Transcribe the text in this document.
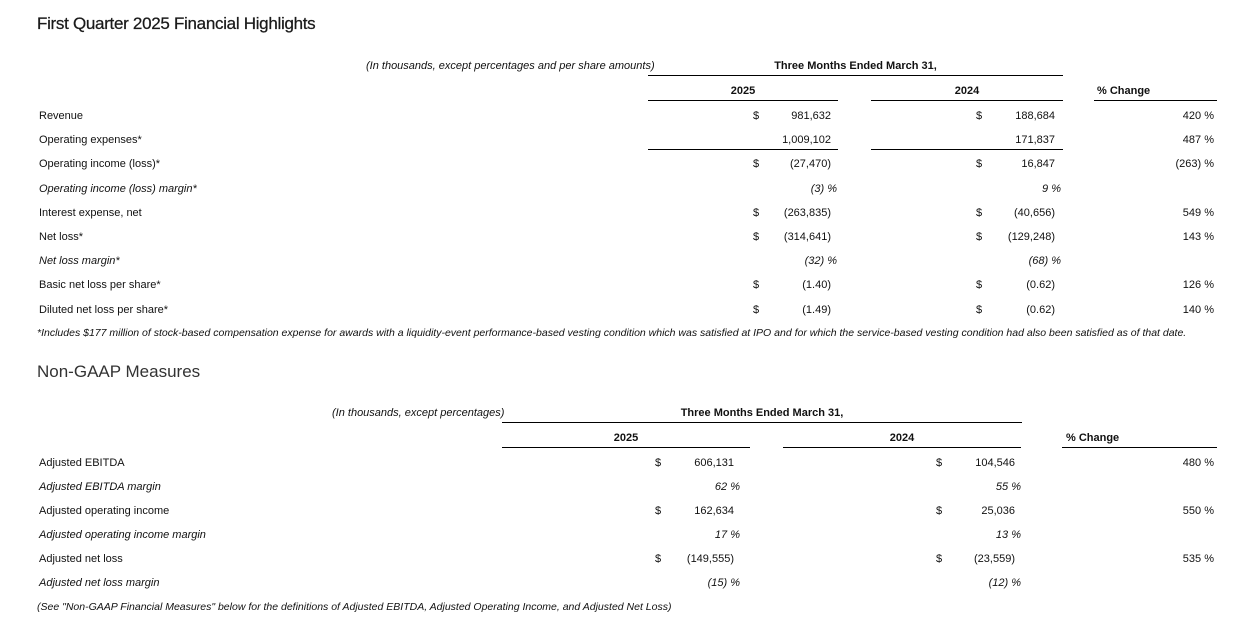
First Quarter 2025 Financial Highlights
(In thousands, except percentages and per share amounts)	Three Months Ended March 31,
2025	2024	% Change
Revenue	$	981,632	$	188,684	420 %
Operating expenses*	1,009,102	171,837	487 %
Operating income (loss)*	$	(27,470)	$	16,847	(263) %
Operating income (loss) margin*	(3) %	9 %
Interest expense, net	$	(263,835)	$	(40,656)	549 %
Net loss*	$	(314,641)	$	(129,248)	143 %
Net loss margin*	(32) %	(68) %
Basic net loss per share*	$	(1.40)	$	(0.62)	126 %
Diluted net loss per share*	$	(1.49)	$	(0.62)	140 %
*Includes $177 million of stock-based compensation expense for awards with a liquidity-event performance-based vesting condition which was satisfied at IPO and for which the service-based vesting condition had also been satisfied as of that date.
Non-GAAP Measures
(In thousands, except percentages)	Three Months Ended March 31,
2025	2024	% Change
Adjusted EBITDA	$	606,131	$	104,546	480 %
Adjusted EBITDA margin	62 %	55 %
Adjusted operating income	$	162,634	$	25,036	550 %
Adjusted operating income margin	17 %	13 %
Adjusted net loss	$	(149,555)	$	(23,559)	535 %
Adjusted net loss margin	(15) %	(12) %
(See "Non-GAAP Financial Measures" below for the definitions of Adjusted EBITDA, Adjusted Operating Income, and Adjusted Net Loss)
